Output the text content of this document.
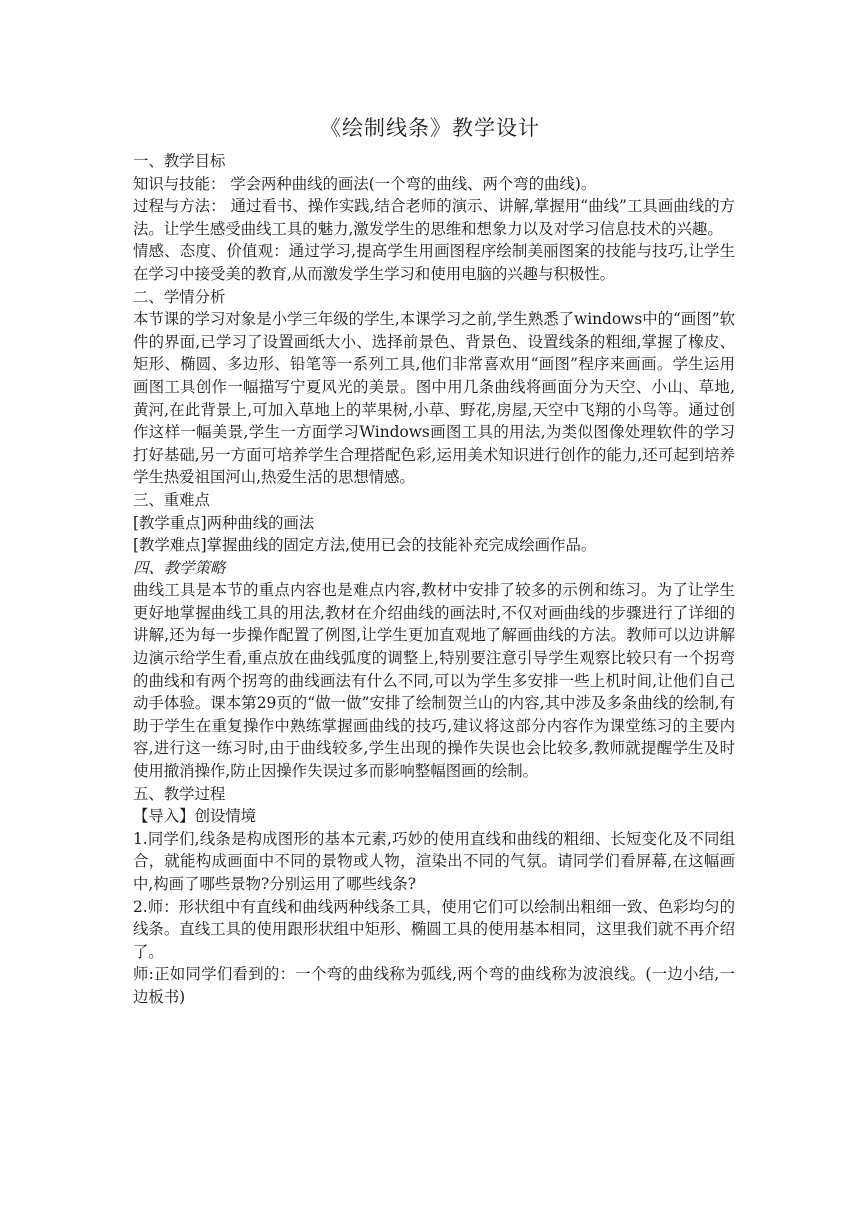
《绘制线条》教学设计

一、教学目标

知识与技能： 学会两种曲线的画法(一个弯的曲线、两个弯的曲线)。

过程与方法： 通过看书、操作实践,结合老师的演示、讲解,掌握用“曲线”工具画曲线的方法。让学生感受曲线工具的魅力,激发学生的思维和想象力以及对学习信息技术的兴趣。

情感、态度、价值观：通过学习,提高学生用画图程序绘制美丽图案的技能与技巧,让学生在学习中接受美的教育,从而激发学生学习和使用电脑的兴趣与积极性。

二、学情分析

本节课的学习对象是小学三年级的学生,本课学习之前,学生熟悉了windows中的“画图”软件的界面,已学习了设置画纸大小、选择前景色、背景色、设置线条的粗细,掌握了橡皮、矩形、椭圆、多边形、铅笔等一系列工具,他们非常喜欢用“画图”程序来画画。学生运用画图工具创作一幅描写宁夏风光的美景。图中用几条曲线将画面分为天空、小山、草地,黄河,在此背景上,可加入草地上的苹果树,小草、野花,房屋,天空中飞翔的小鸟等。通过创作这样一幅美景,学生一方面学习Windows画图工具的用法,为类似图像处理软件的学习打好基础,另一方面可培养学生合理搭配色彩,运用美术知识进行创作的能力,还可起到培养学生热爱祖国河山,热爱生活的思想情感。

三、重难点

[教学重点]两种曲线的画法

[教学难点]掌握曲线的固定方法,使用已会的技能补充完成绘画作品。

四、教学策略

曲线工具是本节的重点内容也是难点内容,教材中安排了较多的示例和练习。为了让学生更好地掌握曲线工具的用法,教材在介绍曲线的画法时,不仅对画曲线的步骤进行了详细的讲解,还为每一步操作配置了例图,让学生更加直观地了解画曲线的方法。教师可以边讲解边演示给学生看,重点放在曲线弧度的调整上,特别要注意引导学生观察比较只有一个拐弯的曲线和有两个拐弯的曲线画法有什么不同,可以为学生多安排一些上机时间,让他们自己动手体验。课本第29页的“做一做”安排了绘制贺兰山的内容,其中涉及多条曲线的绘制,有助于学生在重复操作中熟练掌握画曲线的技巧,建议将这部分内容作为课堂练习的主要内容,进行这一练习时,由于曲线较多,学生出现的操作失误也会比较多,教师就提醒学生及时使用撤消操作,防止因操作失误过多而影响整幅图画的绘制。

五、教学过程

【导入】创设情境

1.同学们,线条是构成图形的基本元素,巧妙的使用直线和曲线的粗细、长短变化及不同组合，就能构成画面中不同的景物或人物，渲染出不同的气氛。请同学们看屏幕,在这幅画中,构画了哪些景物?分别运用了哪些线条?

2.师：形状组中有直线和曲线两种线条工具，使用它们可以绘制出粗细一致、色彩均匀的线条。直线工具的使用跟形状组中矩形、椭圆工具的使用基本相同，这里我们就不再介绍了。

师:正如同学们看到的：一个弯的曲线称为弧线,两个弯的曲线称为波浪线。(一边小结,一边板书)
